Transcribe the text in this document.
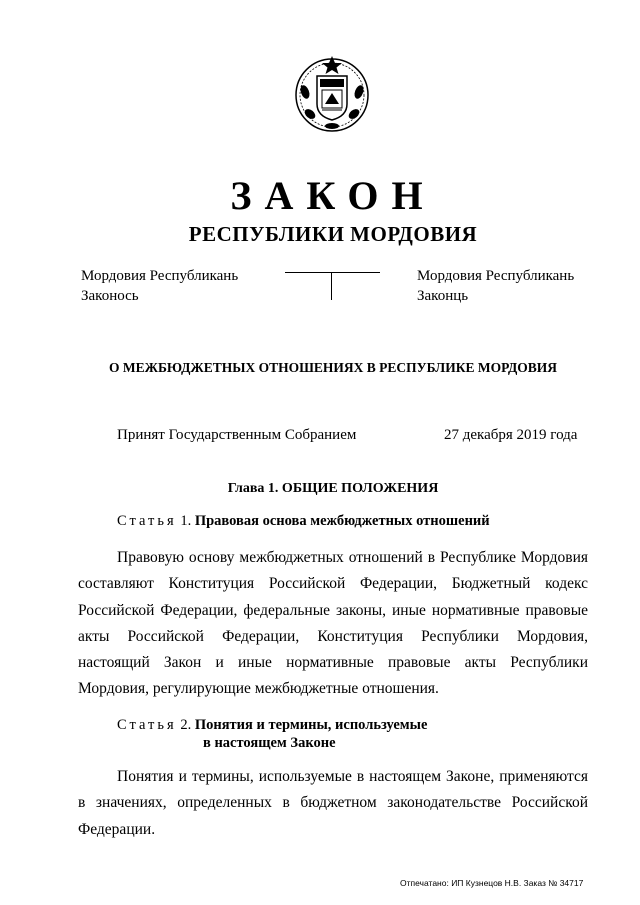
ЗАКОН
РЕСПУБЛИКИ МОРДОВИЯ
Мордовия Республикань
Законось
Мордовия Республикань
Законць
О МЕЖБЮДЖЕТНЫХ ОТНОШЕНИЯХ В РЕСПУБЛИКЕ МОРДОВИЯ
Принят Государственным Собранием	27 декабря 2019 года
Глава 1. ОБЩИЕ ПОЛОЖЕНИЯ
Статья 1. Правовая основа межбюджетных отношений
Правовую основу межбюджетных отношений в Республике Мордовия составляют Конституция Российской Федерации, Бюджетный кодекс Российской Федерации, федеральные законы, иные нормативные правовые акты Российской Федерации, Конституция Республики Мордовия, настоящий Закон и иные нормативные правовые акты Республики Мордовия, регулирующие межбюджетные отношения.
Статья 2. Понятия и термины, используемые
в настоящем Законе
Понятия и термины, используемые в настоящем Законе, применяются в значениях, определенных в бюджетном законодательстве Российской Федерации.
Отпечатано: ИП Кузнецов Н.В. Заказ № 34717
